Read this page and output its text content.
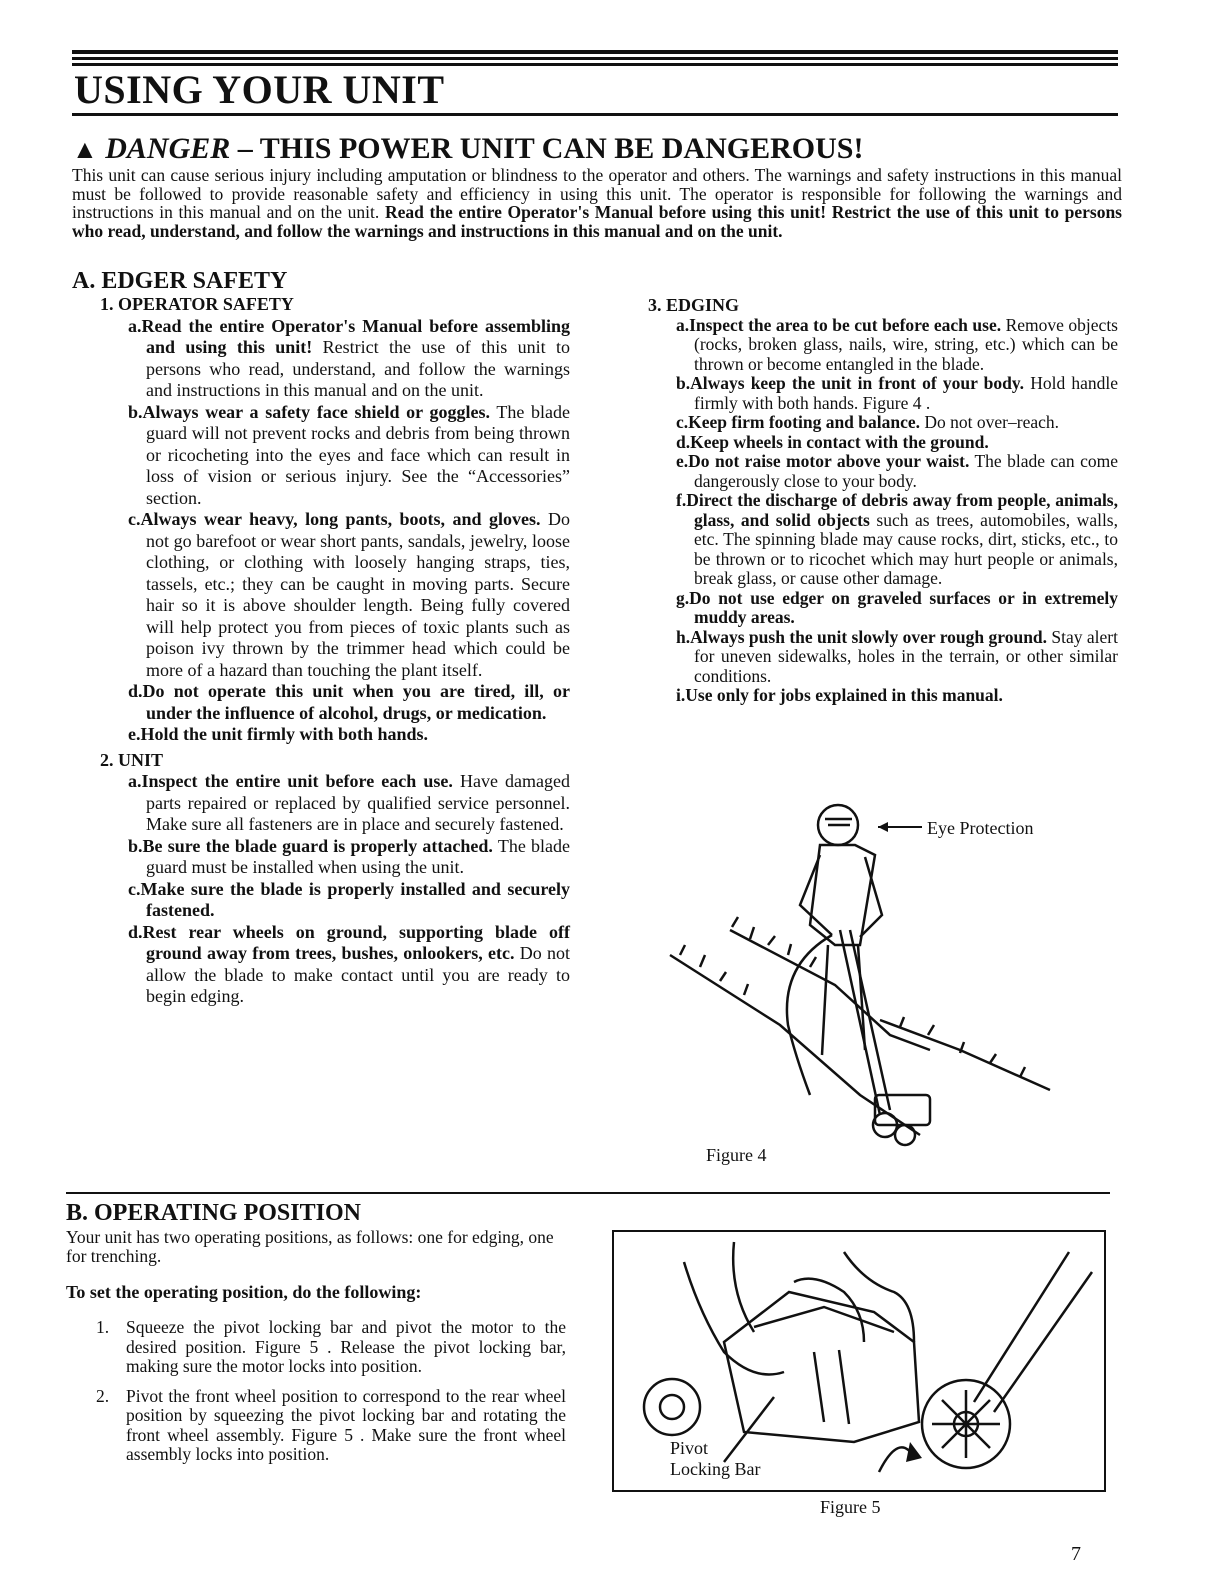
USING YOUR UNIT
▲ DANGER – THIS POWER UNIT CAN BE DANGEROUS!
This unit can cause serious injury including amputation or blindness to the operator and others. The warnings and safety instructions in this manual must be followed to provide reasonable safety and efficiency in using this unit. The operator is responsible for following the warnings and instructions in this manual and on the unit. Read the entire Operator's Manual before using this unit! Restrict the use of this unit to persons who read, understand, and follow the warnings and instructions in this manual and on the unit.
A. EDGER SAFETY

1. OPERATOR SAFETY

a.Read the entire Operator's Manual before assembling and using this unit! Restrict the use of this unit to persons who read, understand, and follow the warnings and instructions in this manual and on the unit.

b.Always wear a safety face shield or goggles. The blade guard will not prevent rocks and debris from being thrown or ricocheting into the eyes and face which can result in loss of vision or serious injury. See the “Accessories” section.

c.Always wear heavy, long pants, boots, and gloves. Do not go barefoot or wear short pants, sandals, jewelry, loose clothing, or clothing with loosely hanging straps, ties, tassels, etc.; they can be caught in moving parts. Secure hair so it is above shoulder length. Being fully covered will help protect you from pieces of toxic plants such as poison ivy thrown by the trimmer head which could be more of a hazard than touching the plant itself.

d.Do not operate this unit when you are tired, ill, or under the influence of alcohol, drugs, or medication.

e.Hold the unit firmly with both hands.

2. UNIT

a.Inspect the entire unit before each use. Have damaged parts repaired or replaced by qualified service personnel. Make sure all fasteners are in place and securely fastened.

b.Be sure the blade guard is properly attached. The blade guard must be installed when using the unit.

c.Make sure the blade is properly installed and securely fastened.

d.Rest rear wheels on ground, supporting blade off ground away from trees, bushes, onlookers, etc. Do not allow the blade to make contact until you are ready to begin edging.

3. EDGING

a.Inspect the area to be cut before each use. Remove objects (rocks, broken glass, nails, wire, string, etc.) which can be thrown or become entangled in the blade.

b.Always keep the unit in front of your body. Hold handle firmly with both hands. Figure 4 .

c.Keep firm footing and balance. Do not over–reach.

d.Keep wheels in contact with the ground.

e.Do not raise motor above your waist. The blade can come dangerously close to your body.

f.Direct the discharge of debris away from people, animals, glass, and solid objects such as trees, automobiles, walls, etc. The spinning blade may cause rocks, dirt, sticks, etc., to be thrown or to ricochet which may hurt people or animals, break glass, or cause other damage.

g.Do not use edger on graveled surfaces or in extremely muddy areas.

h.Always push the unit slowly over rough ground. Stay alert for uneven sidewalks, holes in the terrain, or other similar conditions.

i.Use only for jobs explained in this manual.

Eye Protection
Figure 4
B. OPERATING POSITION
Your unit has two operating positions, as follows: one for edging, one for trenching.
To set the operating position, do the following:

1. Squeeze the pivot locking bar and pivot the motor to the desired position. Figure 5 . Release the pivot locking bar, making sure the motor locks into position.

2. Pivot the front wheel position to correspond to the rear wheel position by squeezing the pivot locking bar and rotating the front wheel assembly. Figure 5 . Make sure the front wheel assembly locks into position.	Pivot
Locking Bar
Figure 5
7
